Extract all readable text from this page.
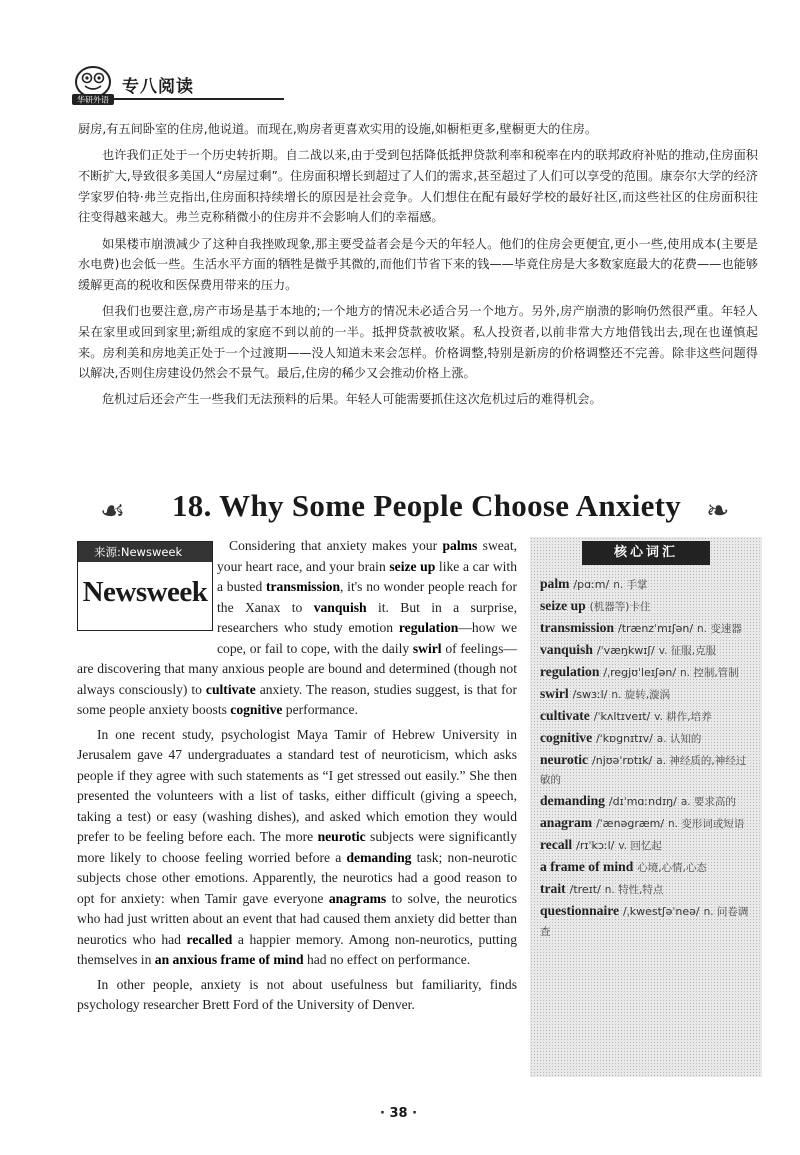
华研外语
专八阅读

厨房,有五间卧室的住房,他说道。而现在,购房者更喜欢实用的设施,如橱柜更多,壁橱更大的住房。

也许我们正处于一个历史转折期。自二战以来,由于受到包括降低抵押贷款利率和税率在内的联邦政府补贴的推动,住房面积不断扩大,导致很多美国人“房屋过剩”。住房面积增长到超过了人们的需求,甚至超过了人们可以享受的范围。康奈尔大学的经济学家罗伯特·弗兰克指出,住房面积持续增长的原因是社会竞争。人们想住在配有最好学校的最好社区,而这些社区的住房面积往往变得越来越大。弗兰克称稍微小的住房并不会影响人们的幸福感。

如果楼市崩溃减少了这种自我挫败现象,那主要受益者会是今天的年轻人。他们的住房会更便宜,更小一些,使用成本(主要是水电费)也会低一些。生活水平方面的牺牲是微乎其微的,而他们节省下来的钱——毕竟住房是大多数家庭最大的花费——也能够缓解更高的税收和医保费用带来的压力。

但我们也要注意,房产市场是基于本地的;一个地方的情况未必适合另一个地方。另外,房产崩溃的影响仍然很严重。年轻人呆在家里或回到家里;新组成的家庭不到以前的一半。抵押贷款被收紧。私人投资者,以前非常大方地借钱出去,现在也谨慎起来。房利美和房地美正处于一个过渡期——没人知道未来会怎样。价格调整,特别是新房的价格调整还不完善。除非这些问题得以解决,否则住房建设仍然会不景气。最后,住房的稀少又会推动价格上涨。

危机过后还会产生一些我们无法预料的后果。年轻人可能需要抓住这次危机过后的难得机会。

☙ 18. Why Some People Choose Anxiety ❧
来源:Newsweek
Newsweek

Considering that anxiety makes your palms sweat, your heart race, and your brain seize up like a car with a busted transmission, it's no wonder people reach for the Xanax to vanquish it. But in a surprise, researchers who study emotion regulation—how we cope, or fail to cope, with the daily swirl of feelings—are discovering that many anxious people are bound and determined (though not always consciously) to cultivate anxiety. The reason, studies suggest, is that for some people anxiety boosts cognitive performance.

In one recent study, psychologist Maya Tamir of Hebrew University in Jerusalem gave 47 undergraduates a standard test of neuroticism, which asks people if they agree with such statements as “I get stressed out easily.” She then presented the volunteers with a list of tasks, either difficult (giving a speech, taking a test) or easy (washing dishes), and asked which emotion they would prefer to be feeling before each. The more neurotic subjects were significantly more likely to choose feeling worried before a demanding task; non-neurotic subjects chose other emotions. Apparently, the neurotics had a good reason to opt for anxiety: when Tamir gave everyone anagrams to solve, the neurotics who had just written about an event that had caused them anxiety did better than neurotics who had recalled a happier memory. Among non-neurotics, putting themselves in an anxious frame of mind had no effect on performance.

In other people, anxiety is not about usefulness but familiarity, finds psychology researcher Brett Ford of the University of Denver.

核心词汇
palm /pɑːm/ n. 手掌
seize up (机器等)卡住
transmission /trænzˈmɪʃən/ n. 变速器
vanquish /ˈvæŋkwɪʃ/ v. 征服,克服
regulation /ˌregjʊˈleɪʃən/ n. 控制,管制
swirl /swɜːl/ n. 旋转,漩涡
cultivate /ˈkʌltɪveɪt/ v. 耕作,培养
cognitive /ˈkɒgnɪtɪv/ a. 认知的
neurotic /njʊəˈrɒtɪk/ a. 神经质的,神经过敏的
demanding /dɪˈmɑːndɪŋ/ a. 要求高的
anagram /ˈænəgræm/ n. 变形词或短语
recall /rɪˈkɔːl/ v. 回忆起
a frame of mind 心境,心情,心态
trait /treɪt/ n. 特性,特点
questionnaire /ˌkwestʃəˈneə/ n. 问卷调查
· 38 ·
